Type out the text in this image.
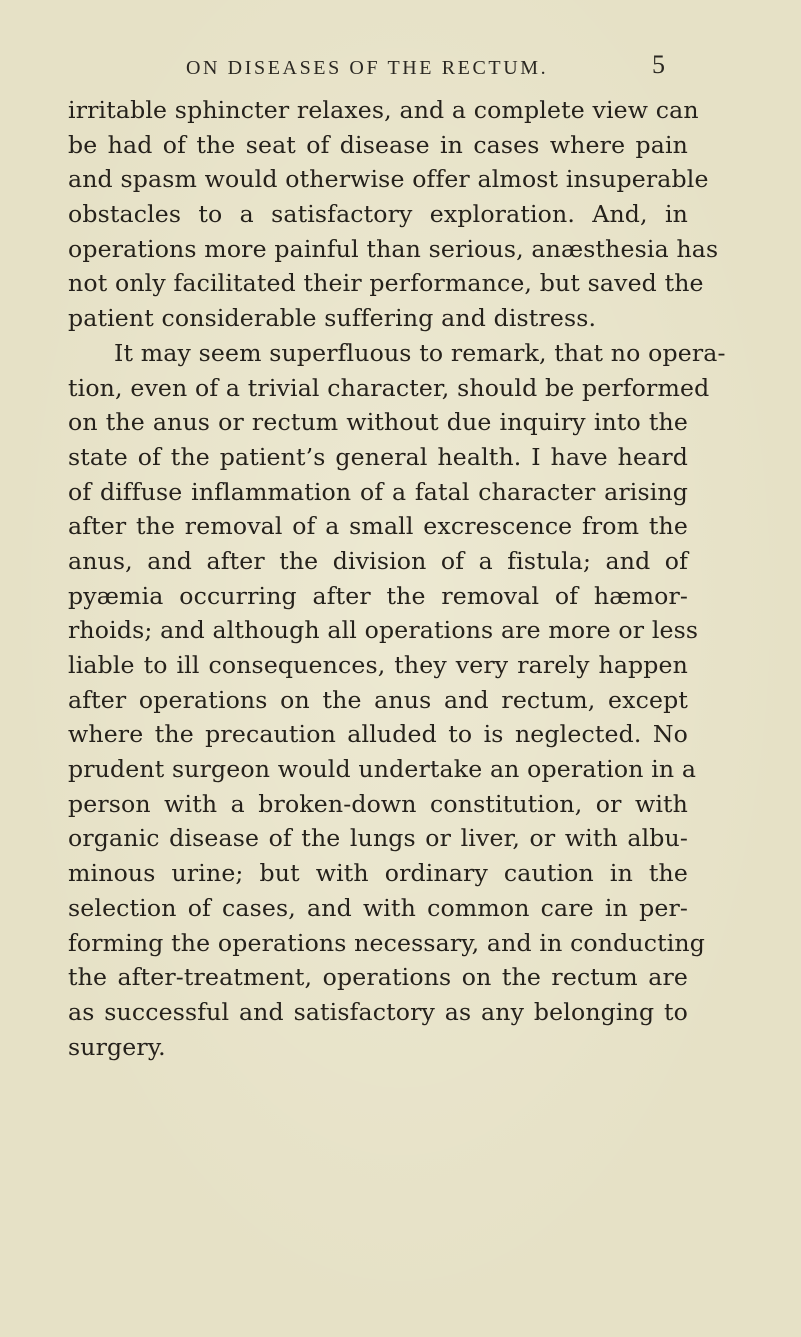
ON DISEASES OF THE RECTUM.	5
irritable sphincter relaxes, and a complete view can
be had of the seat of disease in cases where pain
and spasm would otherwise offer almost insuperable
obstacles to a satisfactory exploration. And, in
operations more painful than serious, anæsthesia has
not only facilitated their performance, but saved the
patient considerable suffering and distress.
It may seem superfluous to remark, that no opera-
tion, even of a trivial character, should be performed
on the anus or rectum without due inquiry into the
state of the patient’s general health. I have heard
of diffuse inflammation of a fatal character arising
after the removal of a small excrescence from the
anus, and after the division of a fistula; and of
pyæmia occurring after the removal of hæmor-
rhoids; and although all operations are more or less
liable to ill consequences, they very rarely happen
after operations on the anus and rectum, except
where the precaution alluded to is neglected. No
prudent surgeon would undertake an operation in a
person with a broken-down constitution, or with
organic disease of the lungs or liver, or with albu-
minous urine; but with ordinary caution in the
selection of cases, and with common care in per-
forming the operations necessary, and in conducting
the after-treatment, operations on the rectum are
as successful and satisfactory as any belonging to
surgery.
